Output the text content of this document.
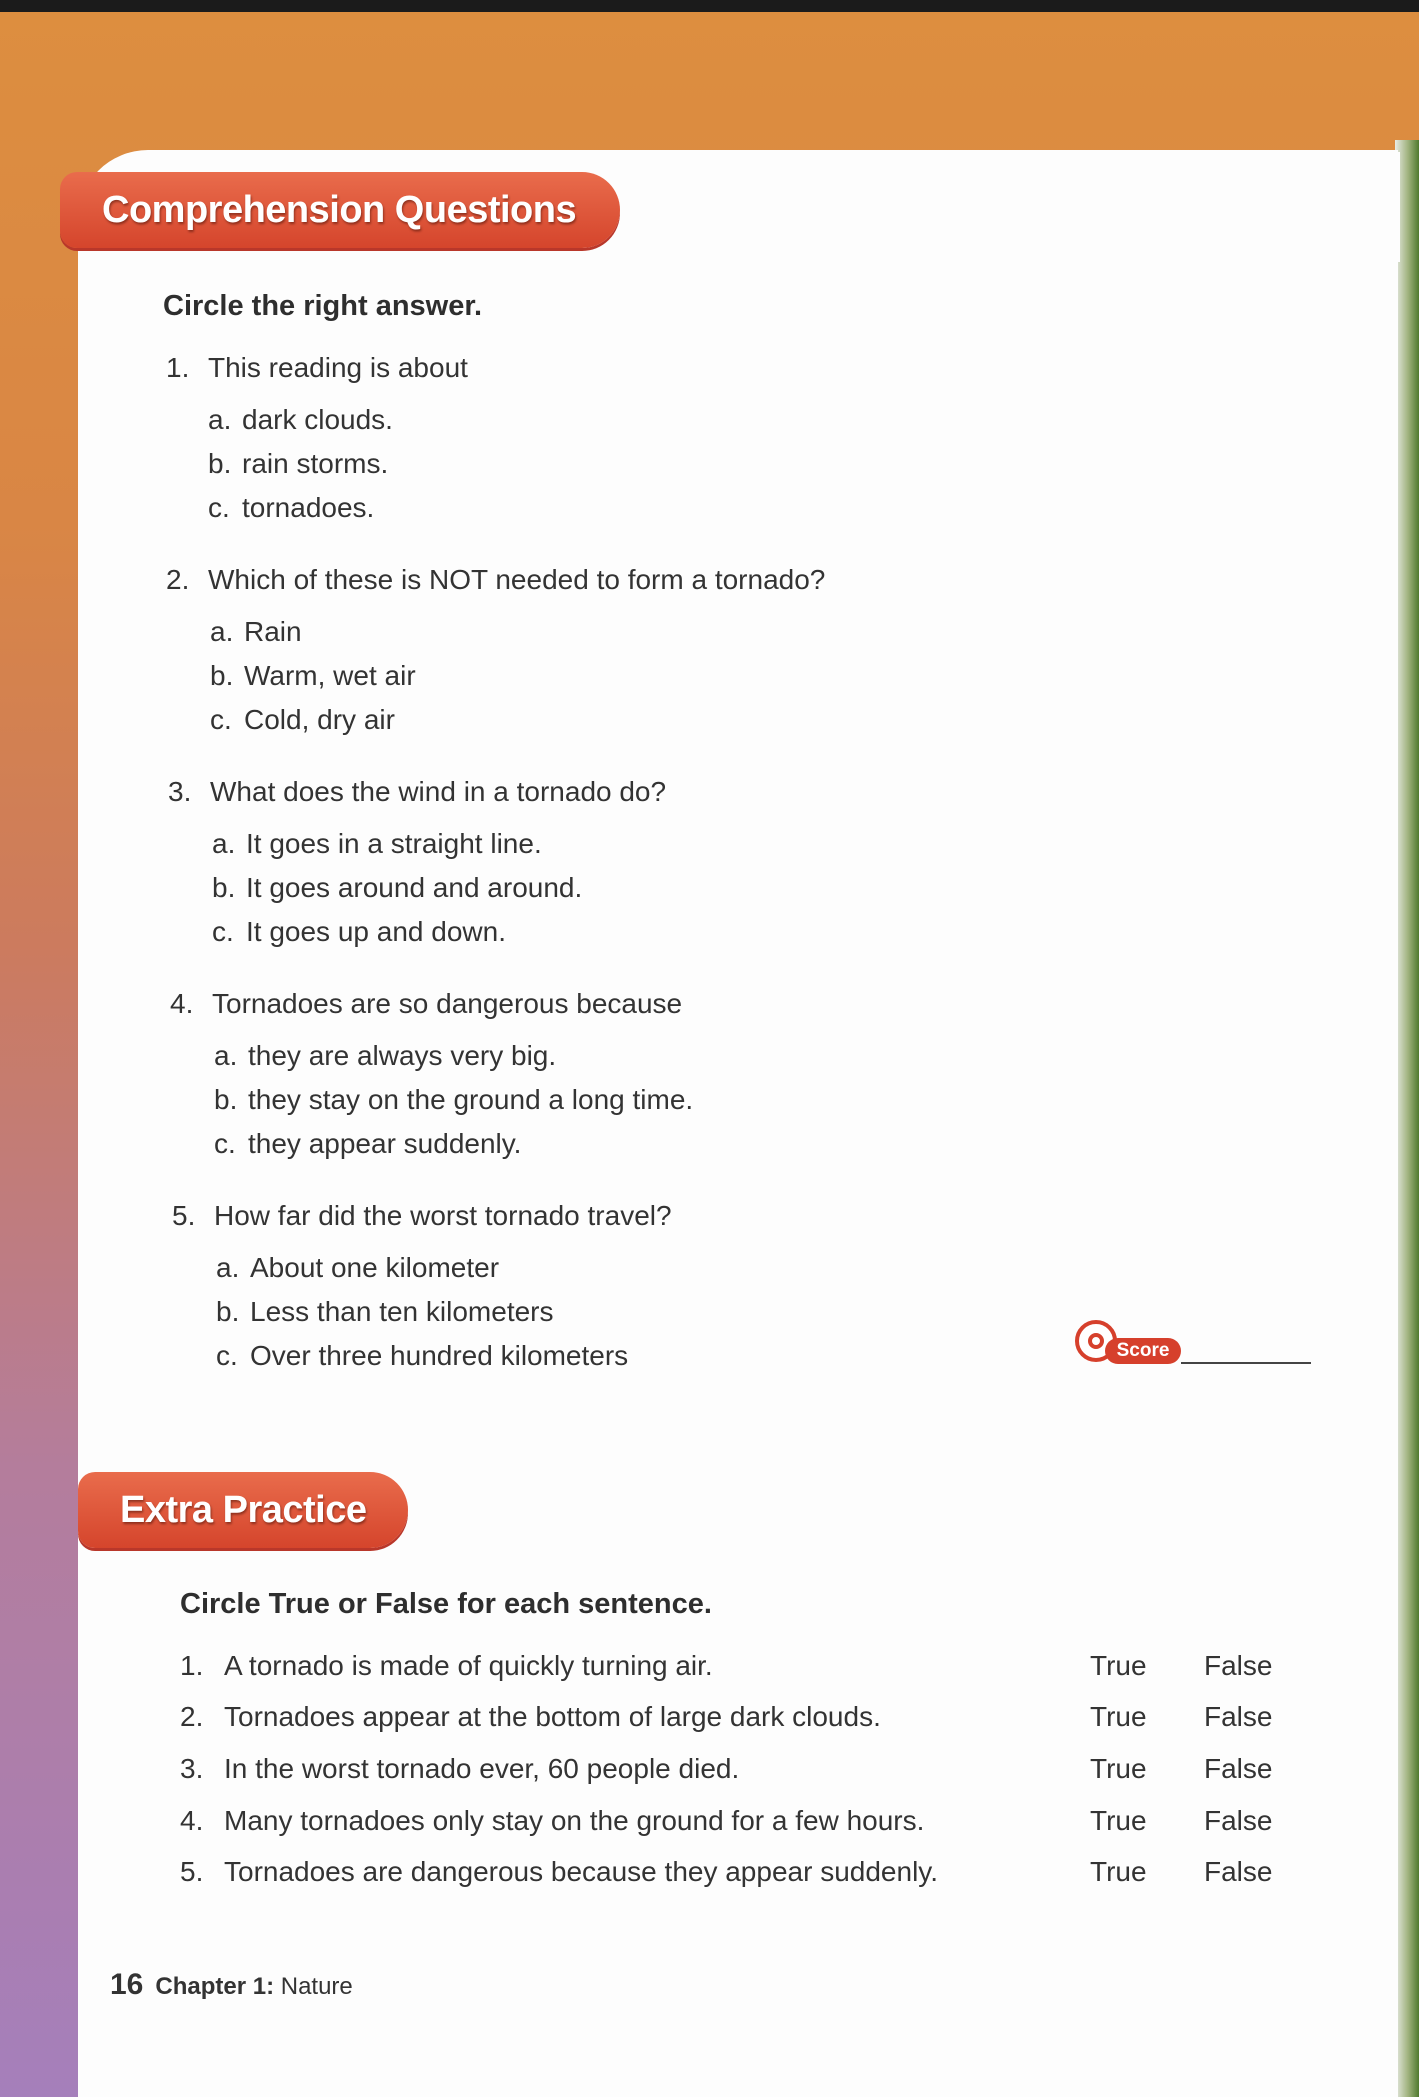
Comprehension Questions
Circle the right answer.
1. This reading is about
a. dark clouds.
b. rain storms.
c. tornadoes.
2. Which of these is NOT needed to form a tornado?
a. Rain
b. Warm, wet air
c. Cold, dry air
3. What does the wind in a tornado do?
a. It goes in a straight line.
b. It goes around and around.
c. It goes up and down.
4. Tornadoes are so dangerous because
a. they are always very big.
b. they stay on the ground a long time.
c. they appear suddenly.
5. How far did the worst tornado travel?
a. About one kilometer
b. Less than ten kilometers
c. Over three hundred kilometers	Score
Extra Practice
Circle True or False for each sentence.
1. A tornado is made of quickly turning air.	True False
2. Tornadoes appear at the bottom of large dark clouds.	True False
3. In the worst tornado ever, 60 people died.	True False
4. Many tornadoes only stay on the ground for a few hours.	True False
5. Tornadoes are dangerous because they appear suddenly.	True False
16 Chapter 1: Nature
